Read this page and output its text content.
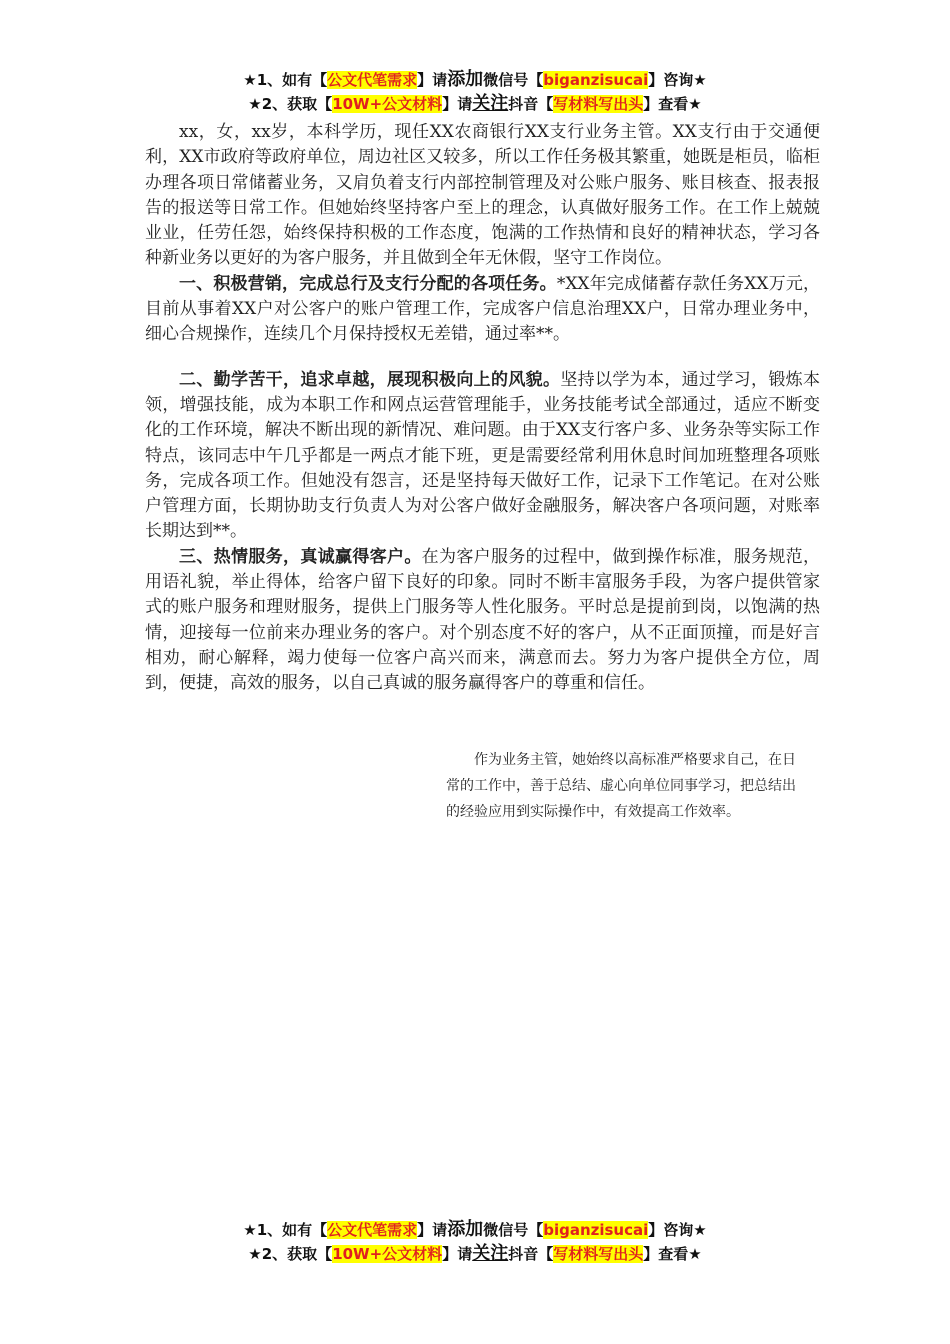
★1、如有【公文代笔需求】请添加微信号【biganzisucai】咨询★
★2、获取【10W+公文材料】请关注抖音【写材料写出头】查看★

xx，女，xx岁，本科学历，现任XX农商银行XX支行业务主管。XX支行由于交通便利，XX市政府等政府单位，周边社区又较多，所以工作任务极其繁重，她既是柜员，临柜办理各项日常储蓄业务，又肩负着支行内部控制管理及对公账户服务、账目核查、报表报告的报送等日常工作。但她始终坚持客户至上的理念，认真做好服务工作。在工作上兢兢业业，任劳任怨，始终保持积极的工作态度，饱满的工作热情和良好的精神状态，学习各种新业务以更好的为客户服务，并且做到全年无休假，坚守工作岗位。

一、积极营销，完成总行及支行分配的各项任务。*XX年完成储蓄存款任务XX万元，目前从事着XX户对公客户的账户管理工作，完成客户信息治理XX户，日常办理业务中，细心合规操作，连续几个月保持授权无差错，通过率**。

二、勤学苦干，追求卓越，展现积极向上的风貌。坚持以学为本，通过学习，锻炼本领，增强技能，成为本职工作和网点运营管理能手，业务技能考试全部通过，适应不断变化的工作环境，解决不断出现的新情况、难问题。由于XX支行客户多、业务杂等实际工作特点，该同志中午几乎都是一两点才能下班，更是需要经常利用休息时间加班整理各项账务，完成各项工作。但她没有怨言，还是坚持每天做好工作，记录下工作笔记。在对公账户管理方面，长期协助支行负责人为对公客户做好金融服务，解决客户各项问题，对账率长期达到**。

三、热情服务，真诚赢得客户。在为客户服务的过程中，做到操作标准，服务规范，用语礼貌，举止得体，给客户留下良好的印象。同时不断丰富服务手段，为客户提供管家式的账户服务和理财服务，提供上门服务等人性化服务。平时总是提前到岗，以饱满的热情，迎接每一位前来办理业务的客户。对个别态度不好的客户，从不正面顶撞，而是好言相劝，耐心解释，竭力使每一位客户高兴而来，满意而去。努力为客户提供全方位，周到，便捷，高效的服务，以自己真诚的服务赢得客户的尊重和信任。

作为业务主管，她始终以高标准严格要求自己，在日常的工作中，善于总结、虚心向单位同事学习，把总结出的经验应用到实际操作中，有效提高工作效率。

★1、如有【公文代笔需求】请添加微信号【biganzisucai】咨询★
★2、获取【10W+公文材料】请关注抖音【写材料写出头】查看★
